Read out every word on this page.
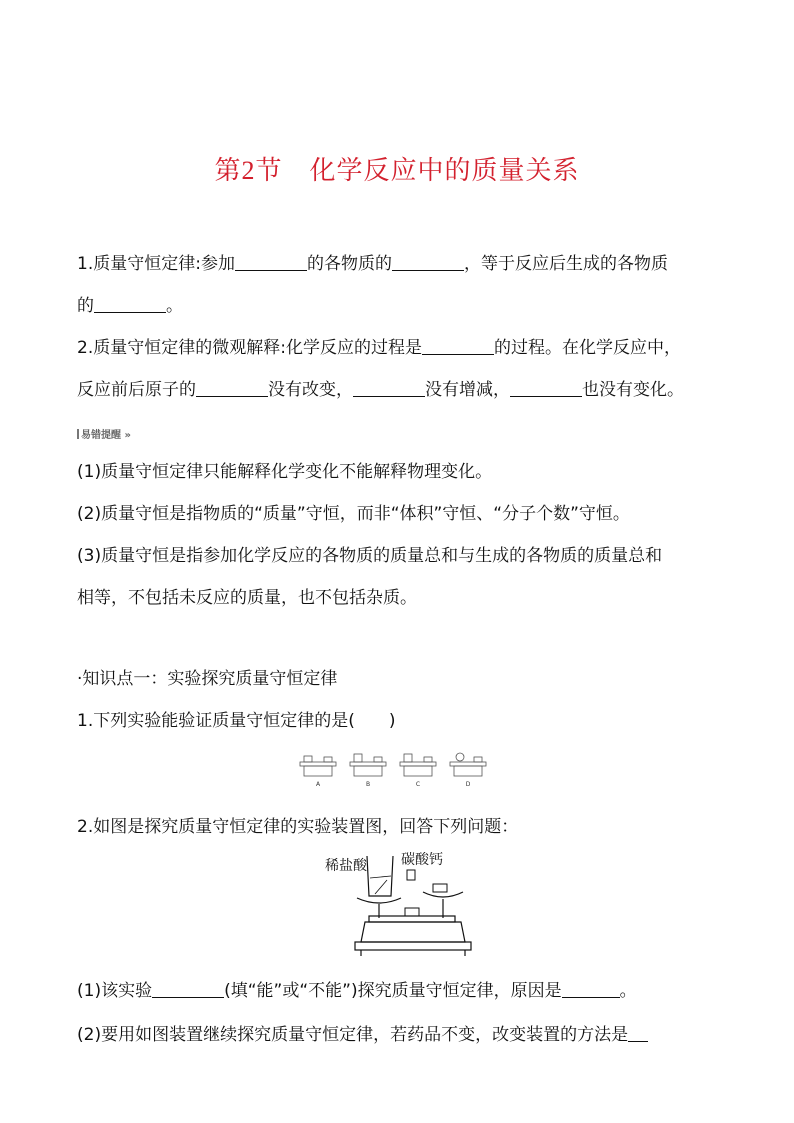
第2节　化学反应中的质量关系
1.质量守恒定律:参加	的各物质的	，等于反应后生成的各物质
的	。
2.质量守恒定律的微观解释:化学反应的过程是	的过程。在化学反应中，
反应前后原子的	没有改变，	没有增减，	也没有变化。
易错提醒 »
(1)质量守恒定律只能解释化学变化不能解释物理变化。
(2)质量守恒是指物质的“质量”守恒，而非“体积”守恒、“分子个数”守恒。
(3)质量守恒是指参加化学反应的各物质的质量总和与生成的各物质的质量总和
相等，不包括未反应的质量，也不包括杂质。
·知识点一：实验探究质量守恒定律
1.下列实验能验证质量守恒定律的是(　　)
A	B	C	D
2.如图是探究质量守恒定律的实验装置图，回答下列问题：
稀盐酸 碳酸钙
(1)该实验	(填“能”或“不能”)探究质量守恒定律，原因是	。
(2)要用如图装置继续探究质量守恒定律，若药品不变，改变装置的方法是
